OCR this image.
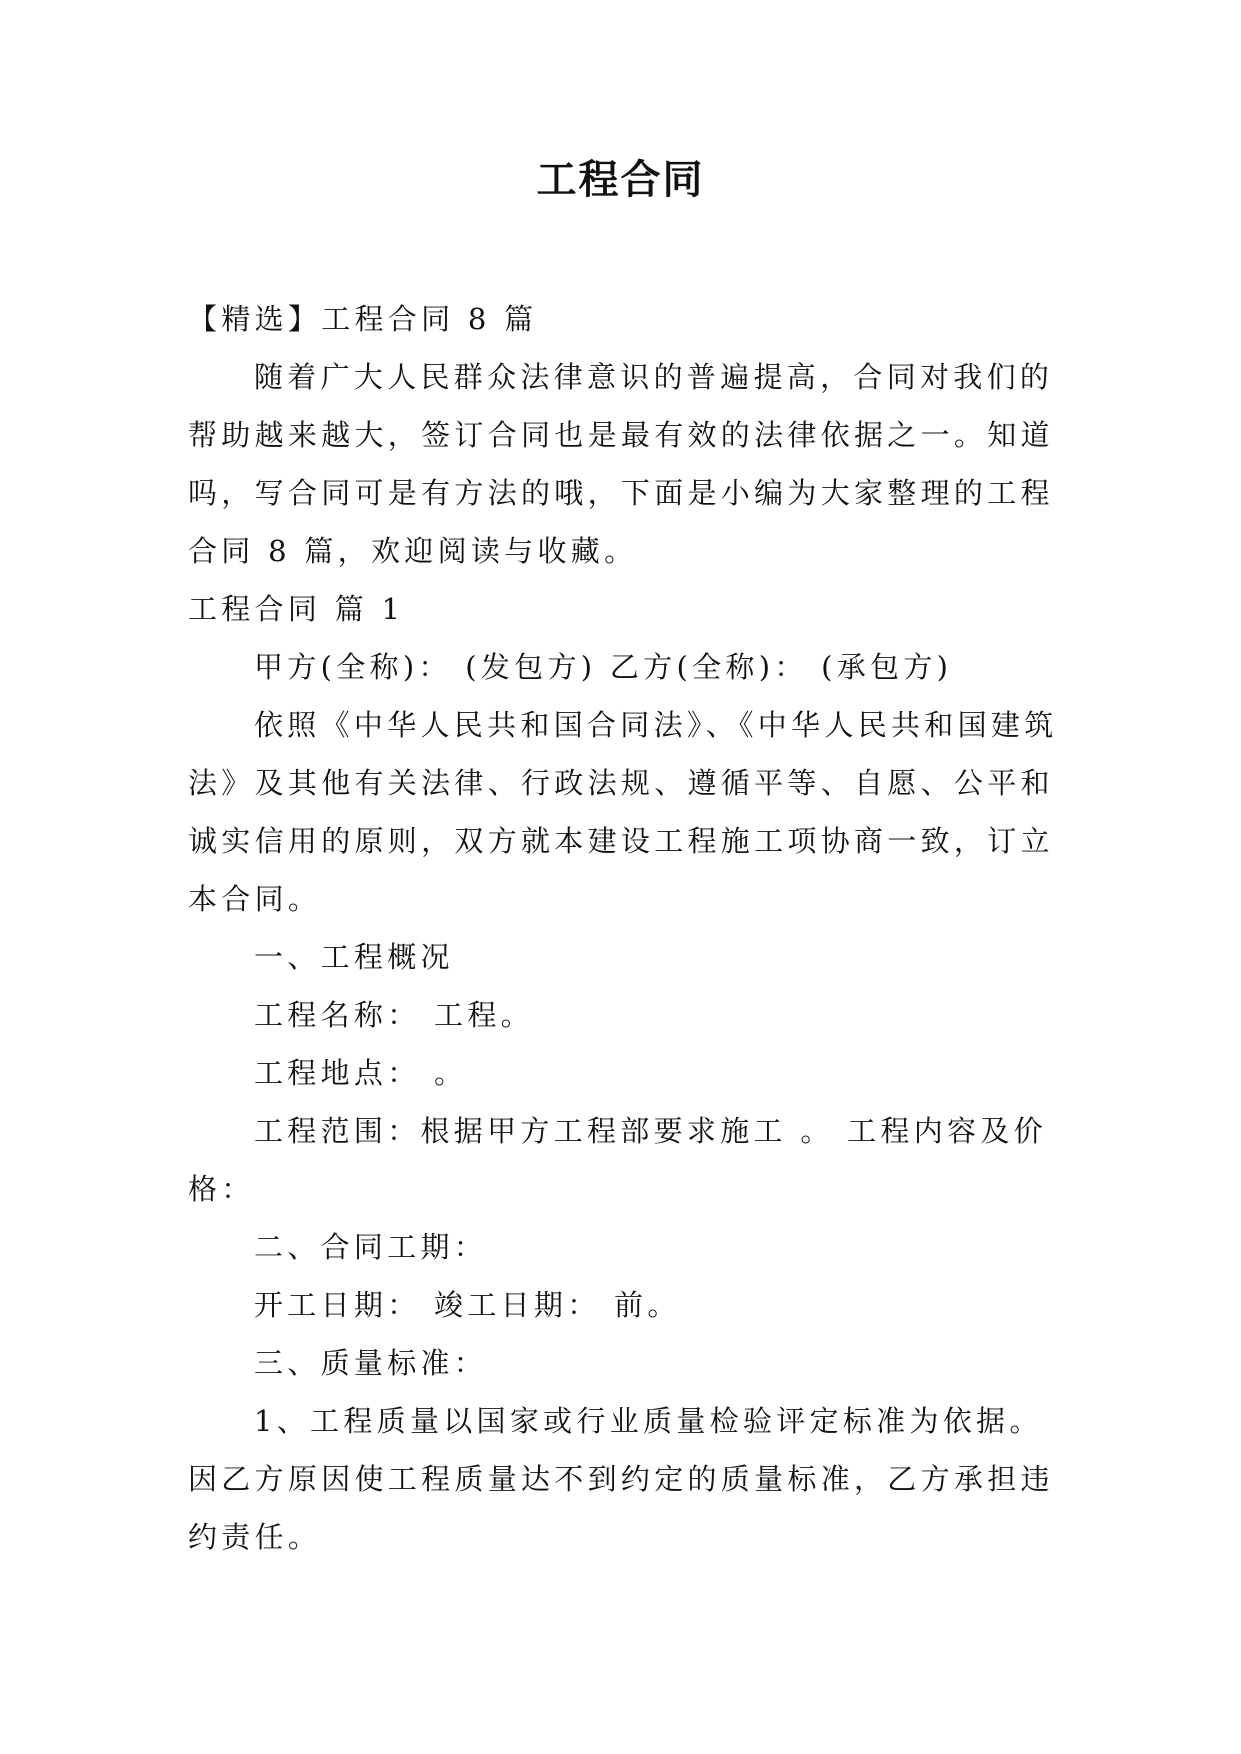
工程合同

【精选】工程合同 8 篇

随着广大人民群众法律意识的普遍提高，合同对我们的帮助越来越大，签订合同也是最有效的法律依据之一。知道吗，写合同可是有方法的哦，下面是小编为大家整理的工程合同 8 篇，欢迎阅读与收藏。

工程合同 篇 1

甲方(全称)： (发包方) 乙方(全称)： (承包方)

依照《中华人民共和国合同法》、《中华人民共和国建筑法》及其他有关法律、行政法规、遵循平等、自愿、公平和诚实信用的原则，双方就本建设工程施工项协商一致，订立本合同。

一、工程概况

工程名称： 工程。

工程地点： 。

工程范围：根据甲方工程部要求施工 。 工程内容及价格：

二、合同工期：

开工日期： 竣工日期： 前。

三、质量标准：

1、工程质量以国家或行业质量检验评定标准为依据。因乙方原因使工程质量达不到约定的质量标准，乙方承担违约责任。
